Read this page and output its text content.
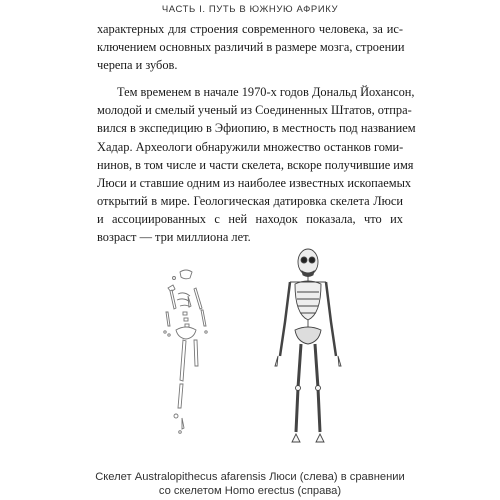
ЧАСТЬ I. ПУТЬ В ЮЖНУЮ АФРИКУ

характерных для строения современного человека, за ис-
ключением основных различий в размере мозга, строении
черепа и зубов.

Тем временем в начале 1970-х годов Дональд Йохансон,
молодой и смелый ученый из Соединенных Штатов, отпра-
вился в экспедицию в Эфиопию, в местность под названием
Хадар. Археологи обнаружили множество останков гоми-
нинов, в том числе и части скелета, вскоре получившие имя
Люси и ставшие одним из наиболее известных ископаемых
открытий в мире. Геологическая датировка скелета Люси
и ассоциированных с ней находок показала, что их
возраст — три миллиона лет.

Скелет Australopithecus afarensis Люси (слева) в сравнении
со скелетом Homo erectus (справа)
